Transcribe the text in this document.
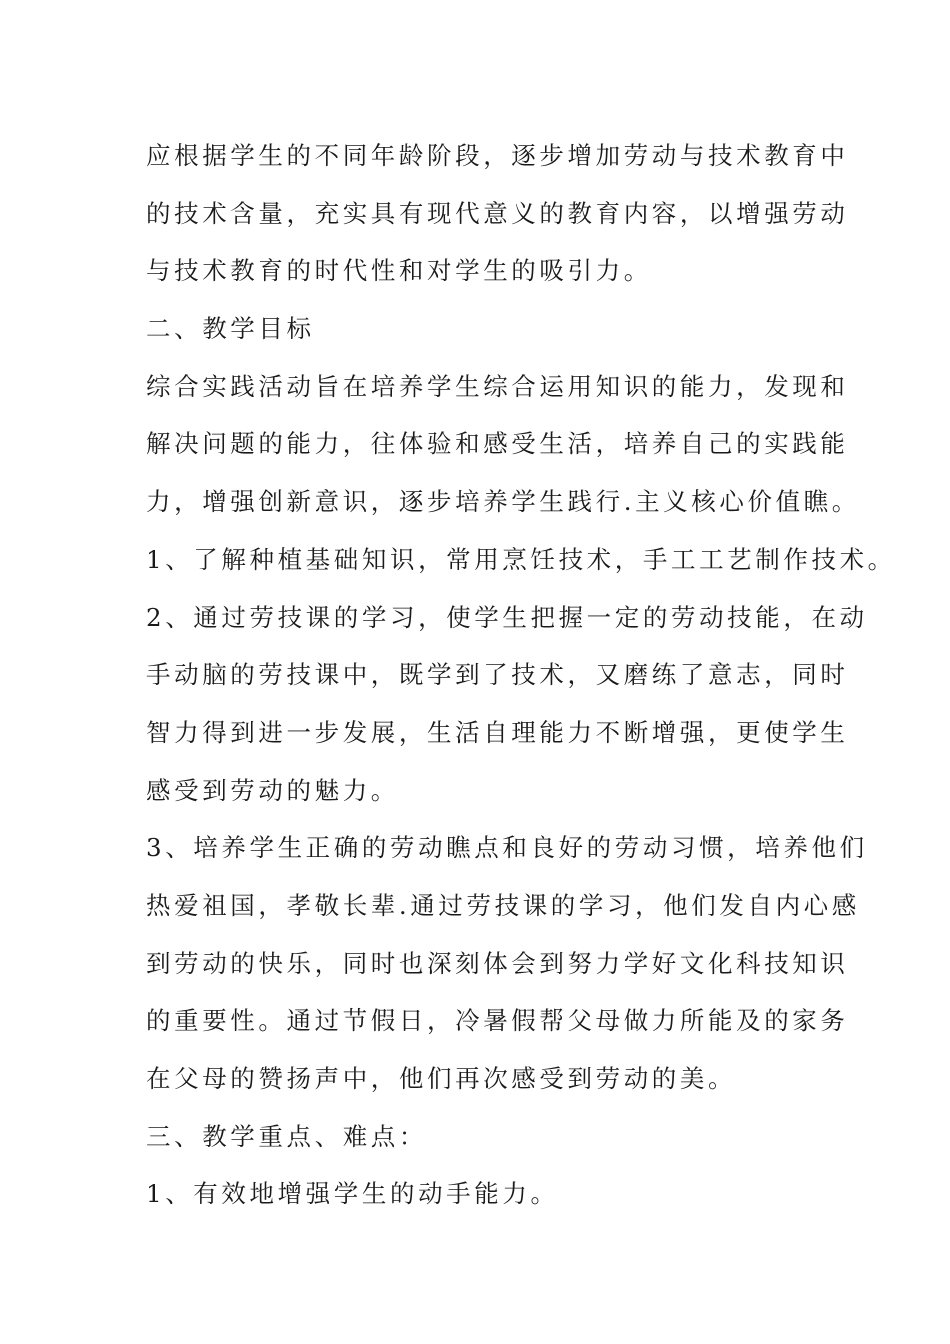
应根据学生的不同年龄阶段，逐步增加劳动与技术教育中
的技术含量，充实具有现代意义的教育内容，以增强劳动
与技术教育的时代性和对学生的吸引力。
二、教学目标
综合实践活动旨在培养学生综合运用知识的能力，发现和
解决问题的能力，往体验和感受生活，培养自己的实践能
力，增强创新意识，逐步培养学生践行.主义核心价值瞧。
1、了解种植基础知识，常用烹饪技术，手工工艺制作技术。
2、通过劳技课的学习，使学生把握一定的劳动技能，在动
手动脑的劳技课中，既学到了技术，又磨练了意志，同时
智力得到进一步发展，生活自理能力不断增强，更使学生
感受到劳动的魅力。
3、培养学生正确的劳动瞧点和良好的劳动习惯，培养他们
热爱祖国，孝敬长辈.通过劳技课的学习，他们发自内心感
到劳动的快乐，同时也深刻体会到努力学好文化科技知识
的重要性。通过节假日，冷暑假帮父母做力所能及的家务
在父母的赞扬声中，他们再次感受到劳动的美。
三、教学重点、难点：
1、有效地增强学生的动手能力。
